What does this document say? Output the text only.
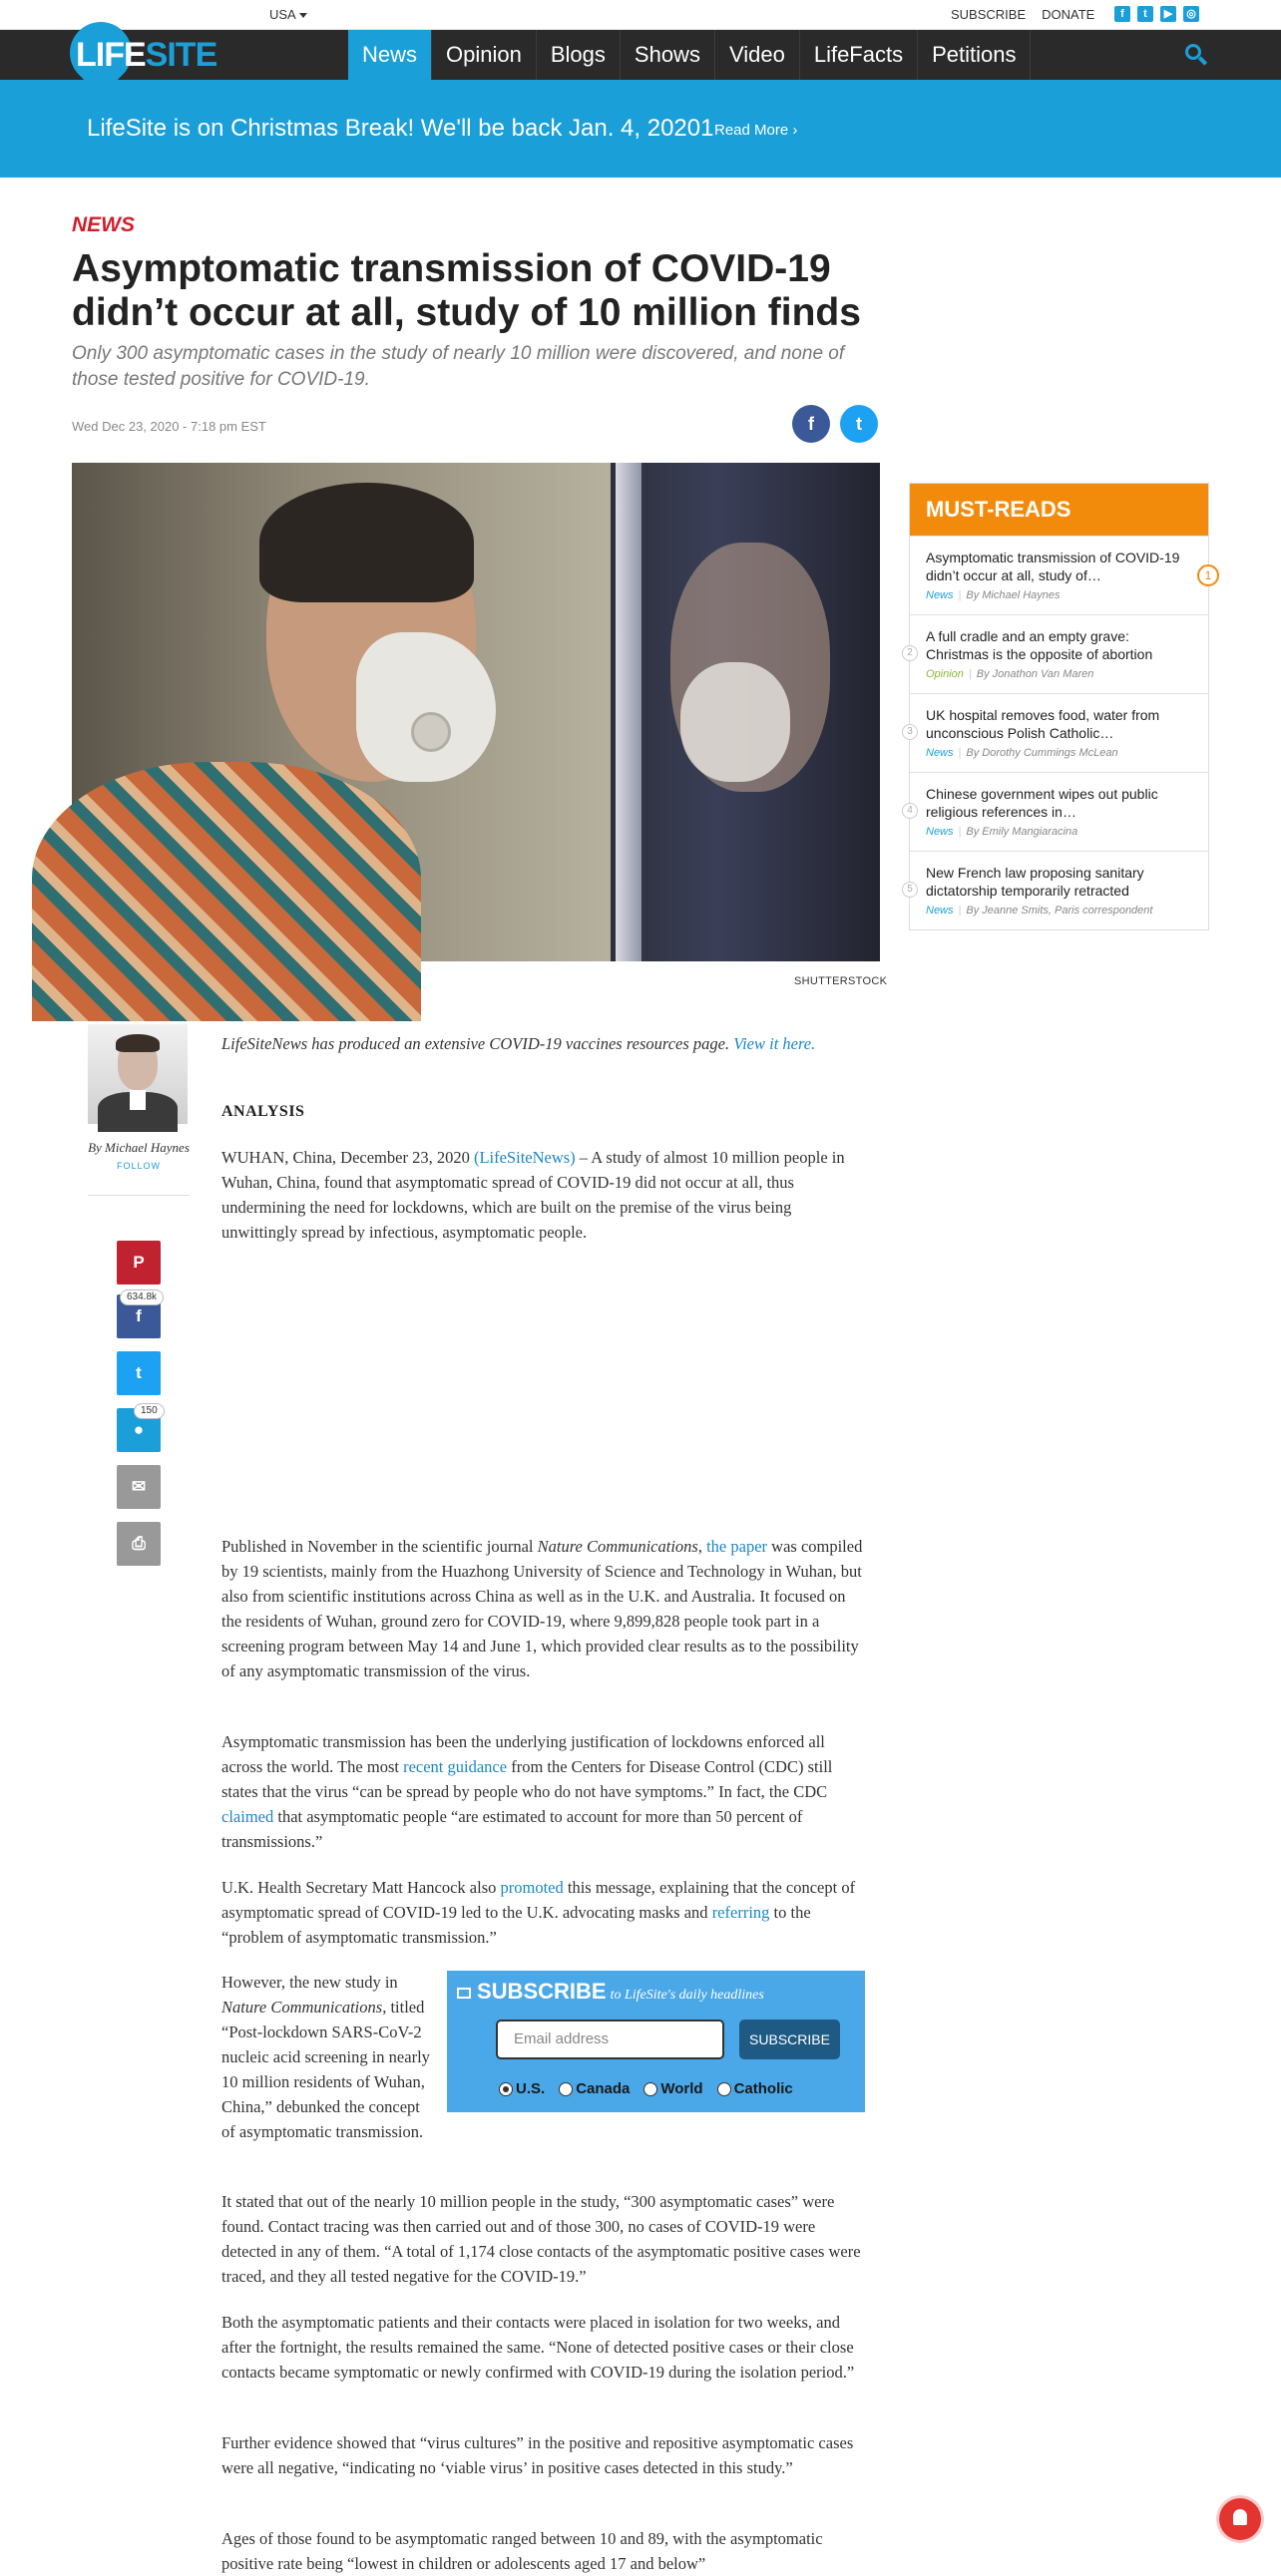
USA	SUBSCRIBE DONATE	f	t	▶	◎
News	Opinion	Blogs	Shows	Video	LifeFacts	Petitions
LIFESITE
LifeSite is on Christmas Break! We'll be back Jan. 4, 20201 Read More ›
NEWS
Asymptomatic transmission of COVID-19 didn’t occur at all, study of 10 million finds
Only 300 asymptomatic cases in the study of nearly 10 million were discovered, and none of those tested positive for COVID-19.
Wed Dec 23, 2020 - 7:18 pm EST	f	t
SHUTTERSTOCK
MUST-READS
1
Asymptomatic transmission of COVID-19 didn’t occur at all, study of…
News | By Michael Haynes
2
A full cradle and an empty grave: Christmas is the opposite of abortion
Opinion | By Jonathon Van Maren
3
UK hospital removes food, water from unconscious Polish Catholic…
News | By Dorothy Cummings McLean
4
Chinese government wipes out public religious references in…
News | By Emily Mangiaracina
5
New French law proposing sanitary dictatorship temporarily retracted
News | By Jeanne Smits, Paris correspondent
By Michael Haynes
FOLLOW
P
f
634.8k
t
●
150
✉
⎙

LifeSiteNews has produced an extensive COVID-19 vaccines resources page. View it here.

ANALYSIS

WUHAN, China, December 23, 2020 (LifeSiteNews) – A study of almost 10 million people in Wuhan, China, found that asymptomatic spread of COVID-19 did not occur at all, thus undermining the need for lockdowns, which are built on the premise of the virus being unwittingly spread by infectious, asymptomatic people.

Published in November in the scientific journal Nature Communications, the paper was compiled by 19 scientists, mainly from the Huazhong University of Science and Technology in Wuhan, but also from scientific institutions across China as well as in the U.K. and Australia. It focused on the residents of Wuhan, ground zero for COVID-19, where 9,899,828 people took part in a screening program between May 14 and June 1, which provided clear results as to the possibility of any asymptomatic transmission of the virus.

Asymptomatic transmission has been the underlying justification of lockdowns enforced all across the world. The most recent guidance from the Centers for Disease Control (CDC) still states that the virus “can be spread by people who do not have symptoms.” In fact, the CDC claimed that asymptomatic people “are estimated to account for more than 50 percent of transmissions.”

U.K. Health Secretary Matt Hancock also promoted this message, explaining that the concept of asymptomatic spread of COVID-19 led to the U.K. advocating masks and referring to the “problem of asymptomatic transmission.”

However, the new study in Nature Communications, titled “Post-lockdown SARS-CoV-2 nucleic acid screening in nearly 10 million residents of Wuhan, China,” debunked the concept of asymptomatic transmission.

SUBSCRIBE to LifeSite's daily headlines
Email address	SUBSCRIBE
U.S. Canada World Catholic

It stated that out of the nearly 10 million people in the study, “300 asymptomatic cases” were found. Contact tracing was then carried out and of those 300, no cases of COVID-19 were detected in any of them. “A total of 1,174 close contacts of the asymptomatic positive cases were traced, and they all tested negative for the COVID-19.”

Both the asymptomatic patients and their contacts were placed in isolation for two weeks, and after the fortnight, the results remained the same. “None of detected positive cases or their close contacts became symptomatic or newly confirmed with COVID-19 during the isolation period.”

Further evidence showed that “virus cultures” in the positive and repositive asymptomatic cases were all negative, “indicating no ‘viable virus’ in positive cases detected in this study.”

Ages of those found to be asymptomatic ranged between 10 and 89, with the asymptomatic positive rate being “lowest in children or adolescents aged 17 and below”
